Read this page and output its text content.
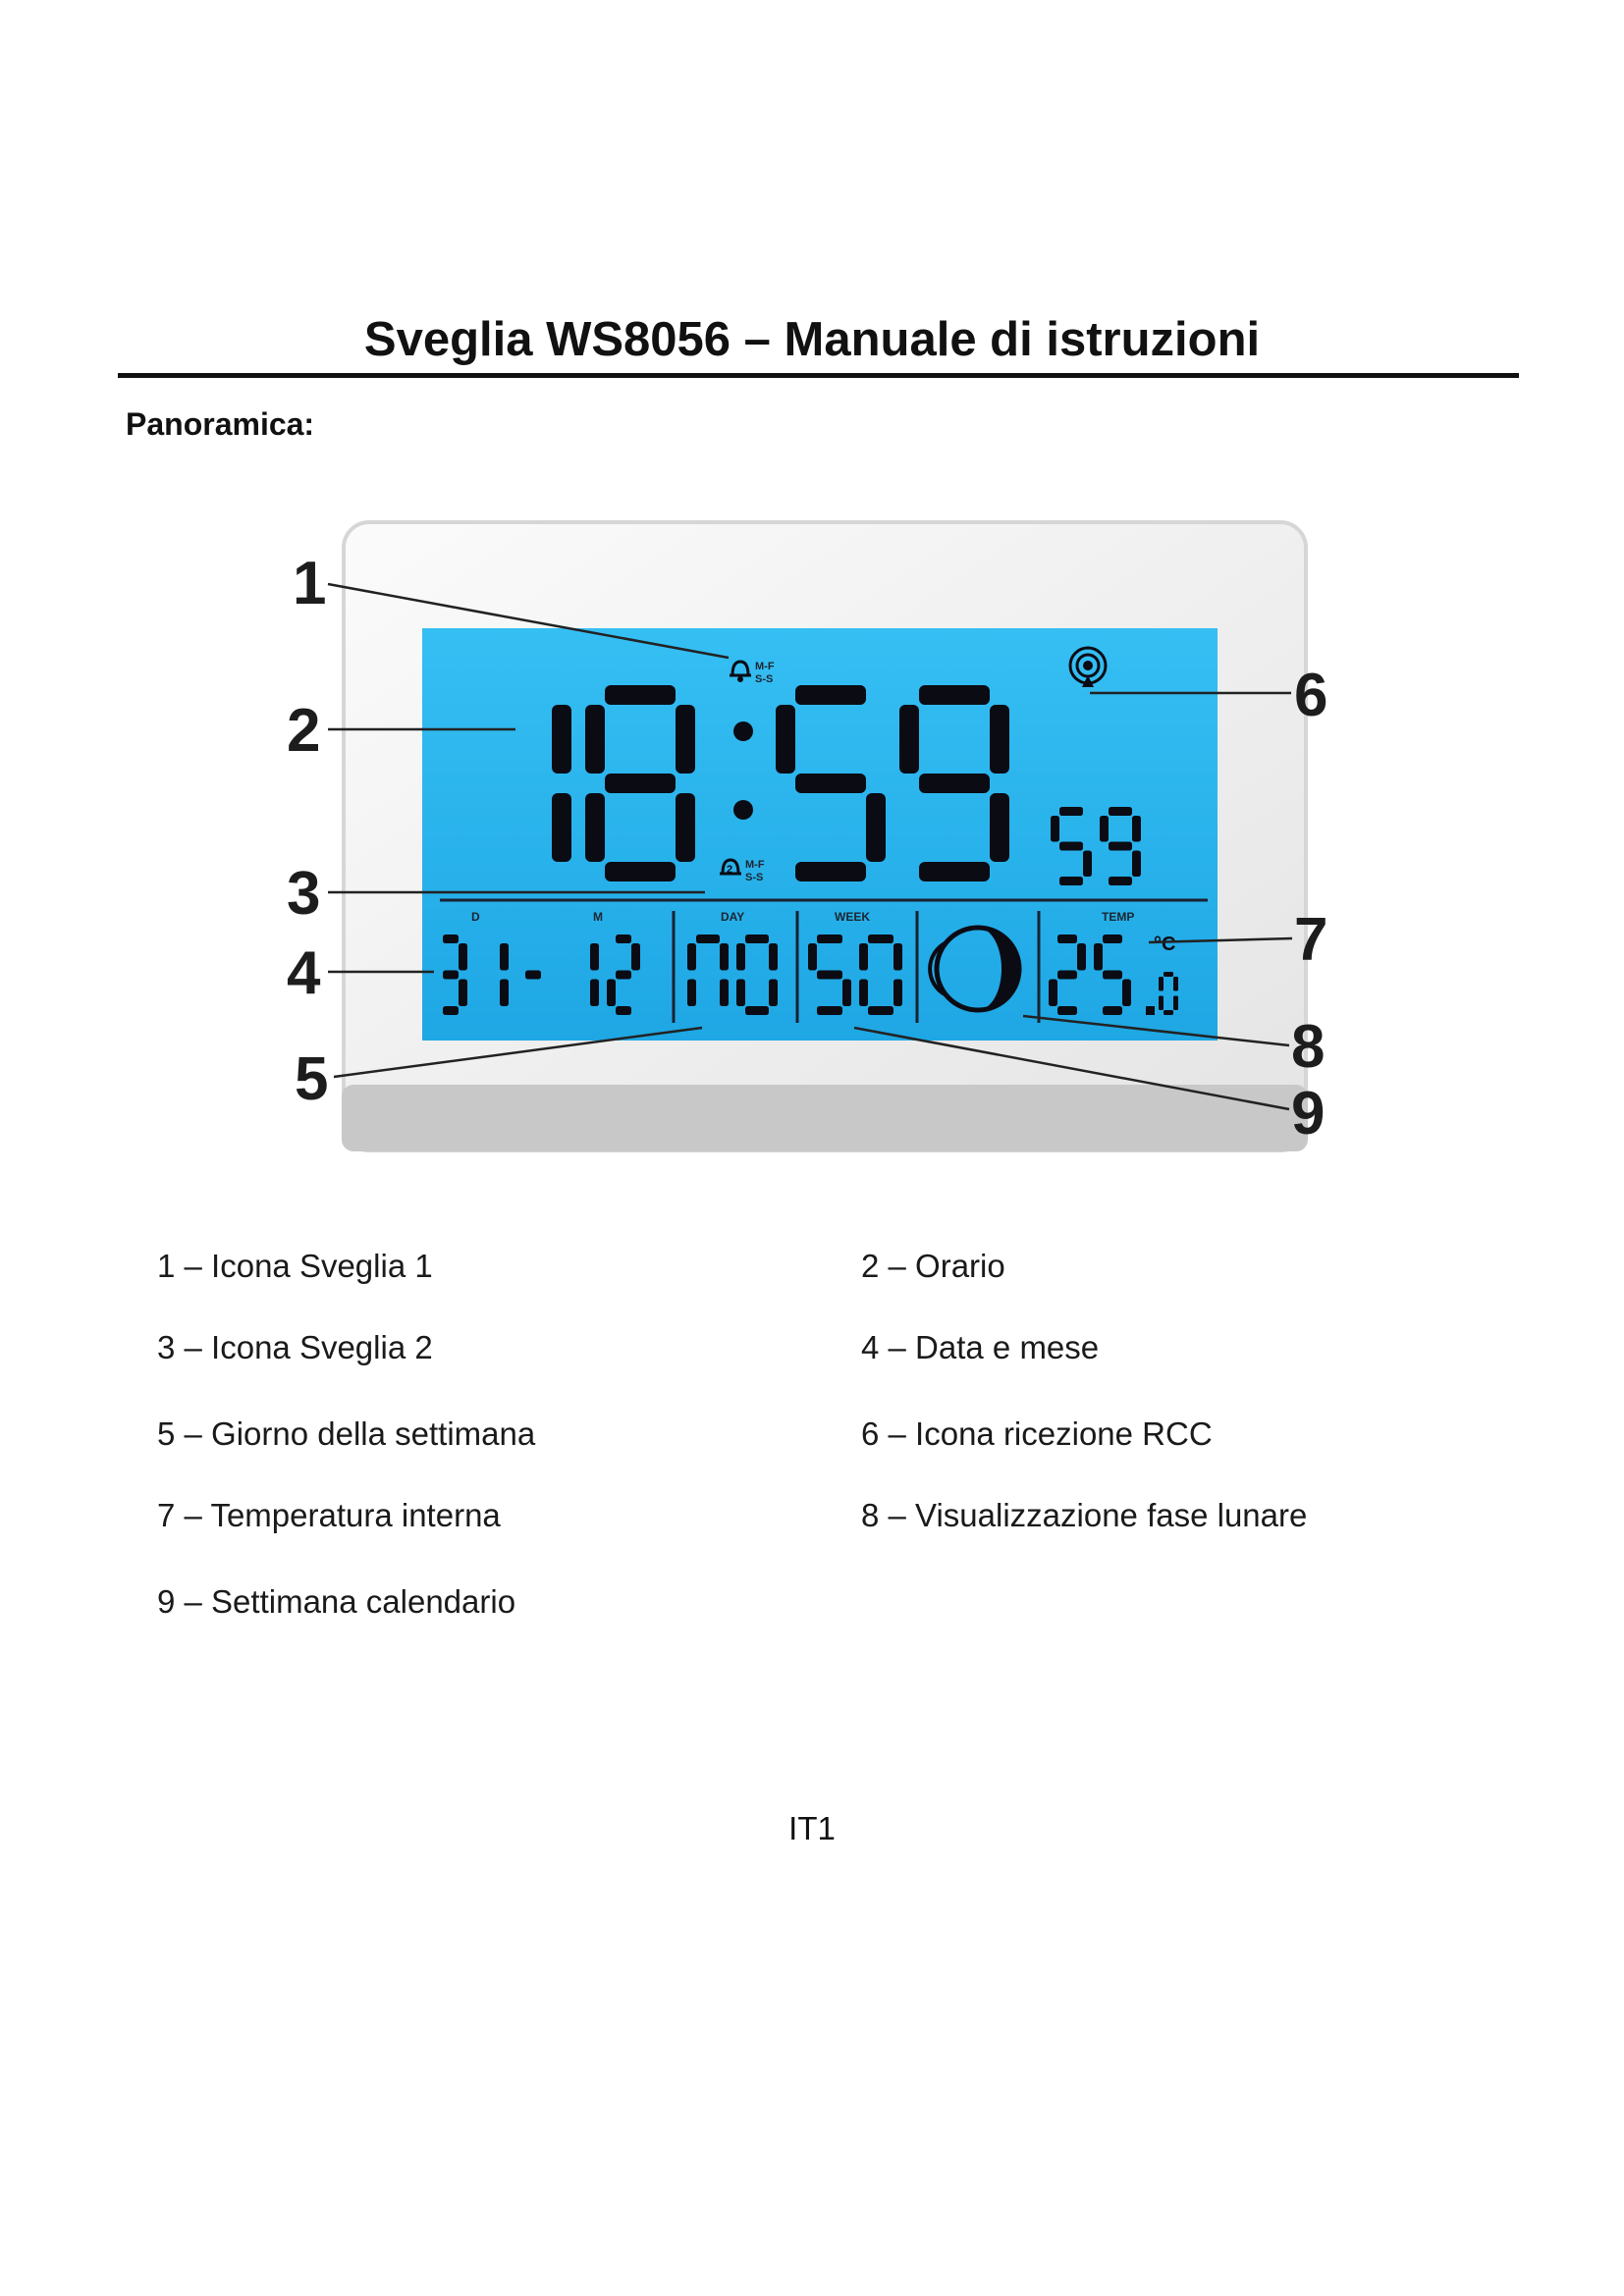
Sveglia WS8056 – Manuale di istruzioni
Panoramica:
D	M	DAY	WEEK	TEMP
M-F
S-S
2 M-F
S-S
°C
1
2
3
4
5
6
7
8
9
1 – Icona Sveglia 1	2 – Orario
3 – Icona Sveglia 2	4 – Data e mese
5 – Giorno della settimana	6 – Icona ricezione RCC
7 – Temperatura interna	8 – Visualizzazione fase lunare
9 – Settimana calendario
IT1
